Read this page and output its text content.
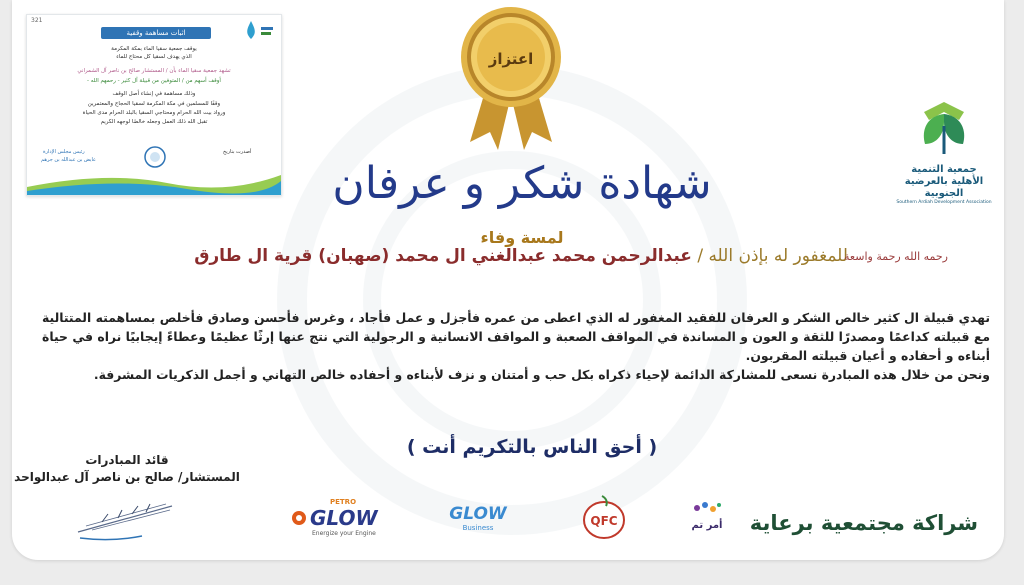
321
اثبات مساهمة وقفية
يوقف جمعية سقيا الماء بمكة المكرمة
الذي يهدف لسقيا كل محتاج للماء
تشهد جمعية سقيا الماء بأن / المستشار صالح بن ناصر آل الشمراني
أوقف أسهم من / المتوفين من قبيلة آل كثير - رحمهم الله -
وذلك مساهمة في إنشاء أصل الوقف
وقفًا للمسلمين في مكة المكرمة لسقيا الحجاج والمعتمرين
ورواد بيت الله الحرام ومحتاجي السقيا بالبلد الحرام مدى الحياة
تقبل الله ذلك العمل وجعله خالصًا لوجهه الكريم
رئيس مجلس الإدارة
عايض بن عبدالله بن جرهم
أصدرت بتاريخ
اعتزاز
جمعية التنمية الأهلية بالعرضية الجنوبية
Southern Ardiah Development Association
شهادة شكر و عرفان
لمسة وفاء
للمغفور له بإذن الله / عبدالرحمن محمد عبدالغني ال محمد (صهبان) قرية ال طارق	رحمه الله رحمة واسعة
تهدي قبيلة ال كثير خالص الشكر و العرفان للفقيد المغفور له الذي اعطى من عمره فأجزل و عمل فأجاد ، وغرس فأحسن وصادق فأخلص بمساهمته المتتالية مع قبيلته كداعمًا ومصدرًا للثقة و العون و المساندة في المواقف الصعبة و المواقف الانسانية و الرجولية التي نتج عنها إرثًا عظيمًا وعطاءً إيجابيًا نراه في حياة أبناءه و أحفاده و أعيان قبيلته المقربون.
ونحن من خلال هذه المبادرة نسعى للمشاركة الدائمة لإحياء ذكراه بكل حب و أمتنان و نزف لأبناءه و أحفاده خالص التهاني و أجمل الذكريات المشرفة.
( أحق الناس بالتكريم أنت )
قائد المبادرات
المستشار/ صالح بن ناصر آل عبدالواحد
شراكة مجتمعية برعاية
أمر تم
QFC
GLOW
Business
PETRO
GLOW
Energize your Engine
